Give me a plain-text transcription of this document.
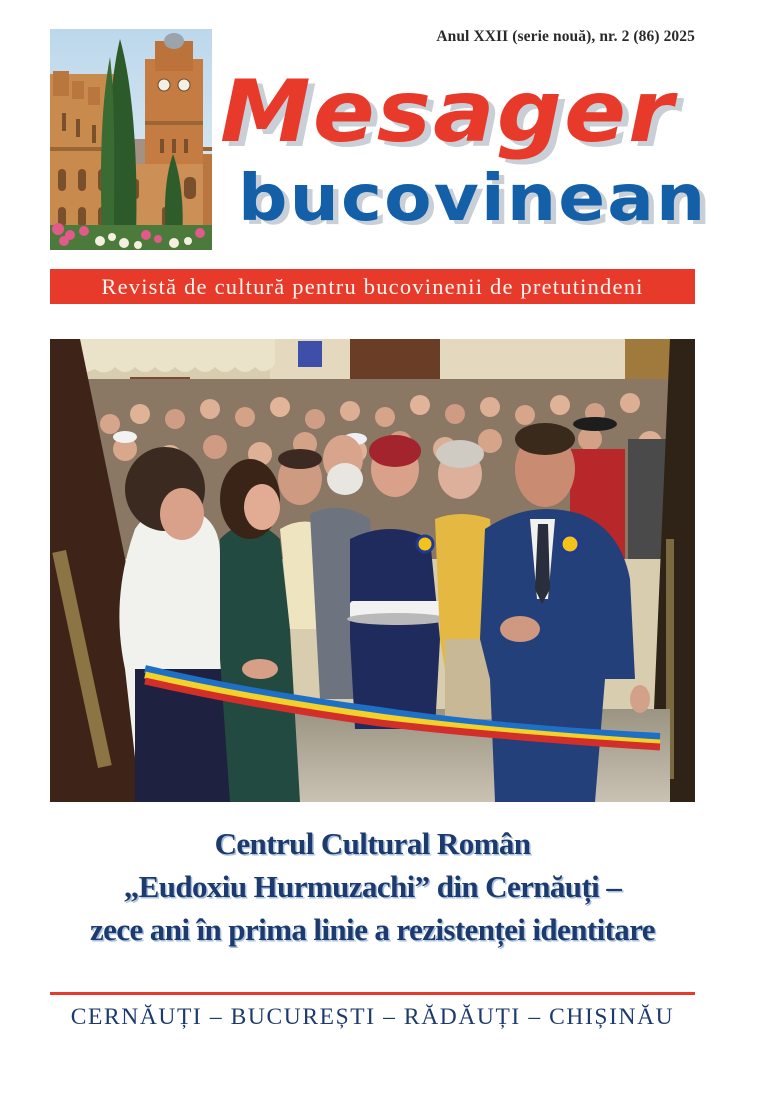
Anul XXII (serie nouă), nr. 2 (86) 2025
Mesager
bucovinean
Revistă de cultură pentru bucovinenii de pretutindeni
Centrul Cultural Român
„Eudoxiu Hurmuzachi” din Cernăuți –
zece ani în prima linie a rezistenței identitare
CERNĂUȚI – BUCUREȘTI – RĂDĂUȚI – CHIȘINĂU
